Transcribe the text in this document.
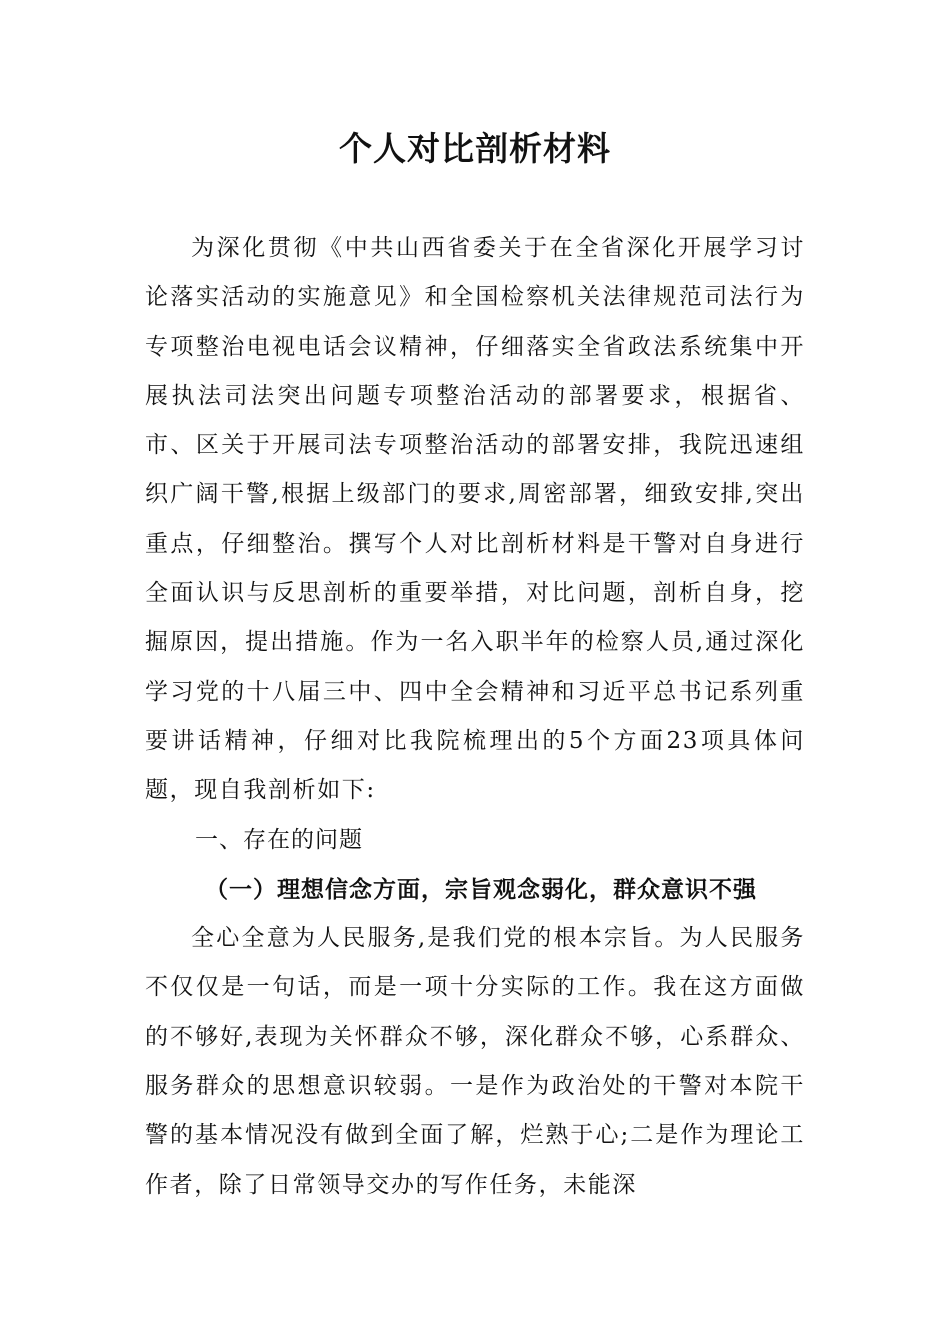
个人对比剖析材料

为深化贯彻《中共山西省委关于在全省深化开展学习讨论落实活动的实施意见》和全国检察机关法律规范司法行为专项整治电视电话会议精神，仔细落实全省政法系统集中开展执法司法突出问题专项整治活动的部署要求，根据省、市、区关于开展司法专项整治活动的部署安排，我院迅速组织广阔干警,根据上级部门的要求,周密部署，细致安排,突出重点，仔细整治。撰写个人对比剖析材料是干警对自身进行全面认识与反思剖析的重要举措，对比问题，剖析自身，挖掘原因，提出措施。作为一名入职半年的检察人员,通过深化学习党的十八届三中、四中全会精神和习近平总书记系列重要讲话精神，仔细对比我院梳理出的5个方面23项具体问题，现自我剖析如下:

一、存在的问题

（一）理想信念方面，宗旨观念弱化，群众意识不强

全心全意为人民服务,是我们党的根本宗旨。为人民服务不仅仅是一句话，而是一项十分实际的工作。我在这方面做的不够好,表现为关怀群众不够，深化群众不够，心系群众、服务群众的思想意识较弱。一是作为政治处的干警对本院干警的基本情况没有做到全面了解，烂熟于心;二是作为理论工作者，除了日常领导交办的写作任务，未能深
